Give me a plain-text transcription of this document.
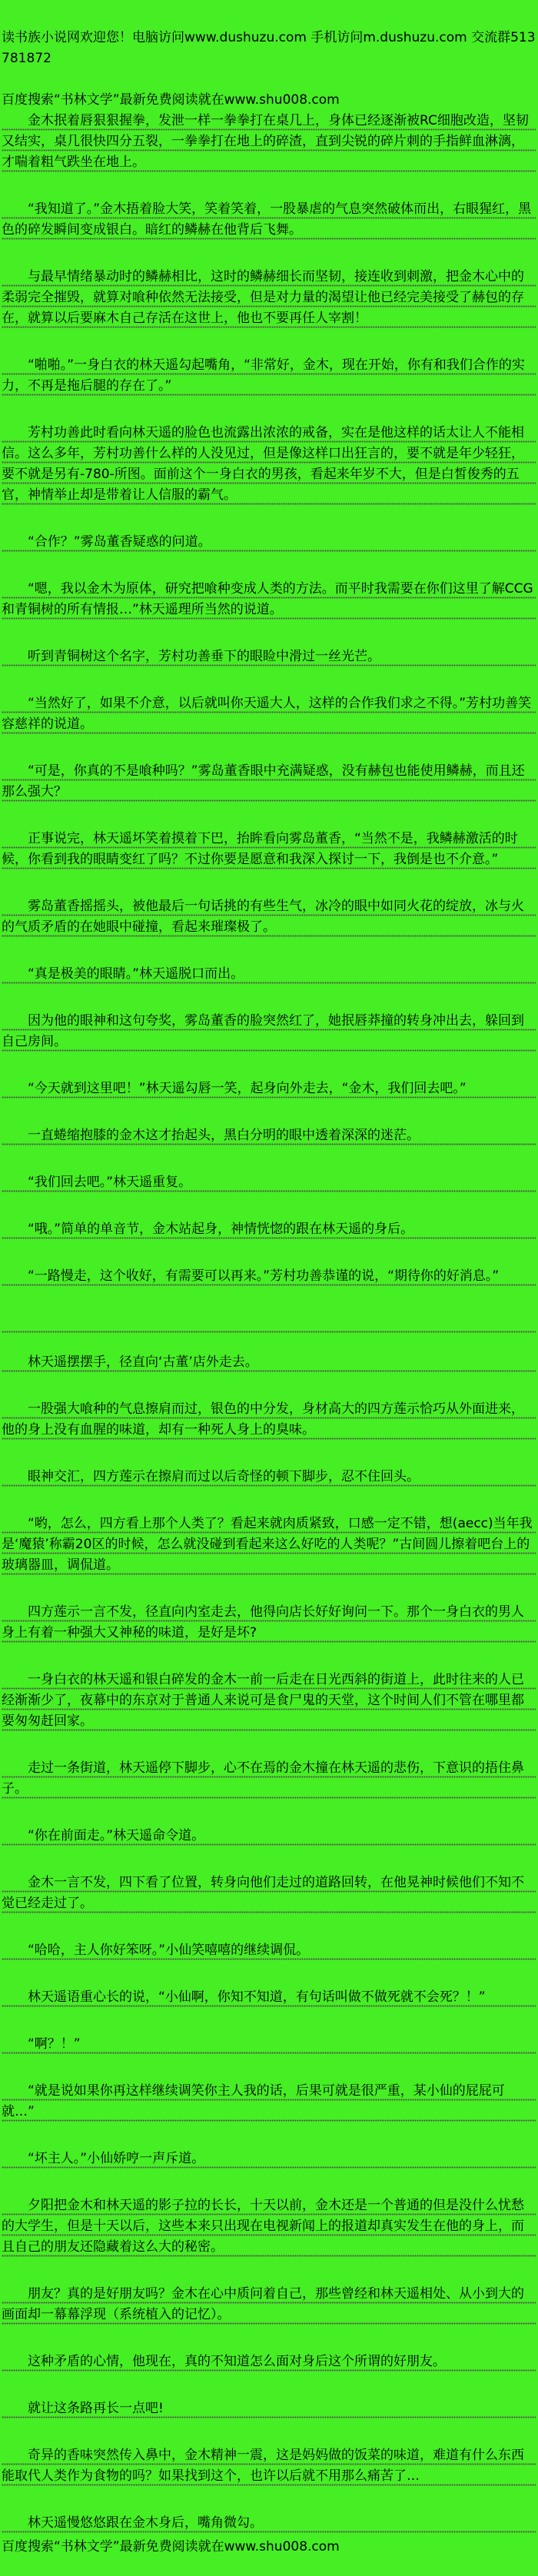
读书族小说网欢迎您！电脑访问www.dushuzu.com 手机访问m.dushuzu.com 交流群513781872
百度搜索“书林文学”最新免费阅读就在www.shu008.com

金木抿着唇狠狠握拳，发泄一样一拳拳打在桌几上，身体已经逐渐被RC细胞改造，坚韧又结实，桌几很快四分五裂，一拳拳打在地上的碎渣，直到尖锐的碎片刺的手指鲜血淋漓，才喘着粗气跌坐在地上。

“我知道了。”金木捂着脸大笑，笑着笑着，一股暴虐的气息突然破体而出，右眼猩红，黑色的碎发瞬间变成银白。暗红的鳞赫在他背后飞舞。

与最早情绪暴动时的鳞赫相比，这时的鳞赫细长而坚韧，接连收到刺激，把金木心中的柔弱完全摧毁，就算对喰种依然无法接受，但是对力量的渴望让他已经完美接受了赫包的存在，就算以后要麻木自己存活在这世上，他也不要再任人宰割！

“啪啪。”一身白衣的林天遥勾起嘴角，“非常好，金木，现在开始，你有和我们合作的实力，不再是拖后腿的存在了。”

芳村功善此时看向林天遥的脸色也流露出浓浓的戒备，实在是他这样的话太让人不能相信。这么多年，芳村功善什么样的人没见过，但是像这样口出狂言的，要不就是年少轻狂，要不就是另有-780-所图。面前这个一身白衣的男孩，看起来年岁不大，但是白皙俊秀的五官，神情举止却是带着让人信服的霸气。

“合作？”雾岛董香疑惑的问道。

“嗯，我以金木为原体，研究把喰种变成人类的方法。而平时我需要在你们这里了解CCG和青铜树的所有情报…”林天遥理所当然的说道。

听到青铜树这个名字，芳村功善垂下的眼睑中滑过一丝光芒。

“当然好了，如果不介意，以后就叫你天遥大人，这样的合作我们求之不得。”芳村功善笑容慈祥的说道。

“可是，你真的不是喰种吗？”雾岛董香眼中充满疑惑，没有赫包也能使用鳞赫，而且还那么强大？

正事说完，林天遥坏笑着摸着下巴，抬眸看向雾岛董香，“当然不是，我鳞赫激活的时候，你看到我的眼睛变红了吗？不过你要是愿意和我深入探讨一下，我倒是也不介意。”

雾岛董香摇摇头，被他最后一句话挑的有些生气，冰冷的眼中如同火花的绽放，冰与火的气质矛盾的在她眼中碰撞，看起来璀璨极了。

“真是极美的眼睛。”林天遥脱口而出。

因为他的眼神和这句夸奖，雾岛董香的脸突然红了，她抿唇莽撞的转身冲出去，躲回到自己房间。

“今天就到这里吧！”林天遥勾唇一笑，起身向外走去，“金木，我们回去吧。”

一直蜷缩抱膝的金木这才抬起头，黑白分明的眼中透着深深的迷茫。

“我们回去吧。”林天遥重复。

“哦。”简单的单音节，金木站起身，神情恍惚的跟在林天遥的身后。

“一路慢走，这个收好，有需要可以再来。”芳村功善恭谨的说，“期待你的好消息。”

林天遥摆摆手，径直向‘古董’店外走去。

一股强大喰种的气息擦肩而过，银色的中分发，身材高大的四方莲示恰巧从外面进来，他的身上没有血腥的味道，却有一种死人身上的臭味。

眼神交汇，四方莲示在擦肩而过以后奇怪的顿下脚步，忍不住回头。

“哟，怎么，四方看上那个人类了？看起来就肉质紧致，口感一定不错，想(aecc)当年我是‘魔猿’称霸20区的时候，怎么就没碰到看起来这么好吃的人类呢？”古间圆儿擦着吧台上的玻璃器皿，调侃道。

四方莲示一言不发，径直向内室走去，他得向店长好好询问一下。那个一身白衣的男人身上有着一种强大又神秘的味道，是好是坏?

一身白衣的林天遥和银白碎发的金木一前一后走在日光西斜的街道上，此时往来的人已经渐渐少了，夜幕中的东京对于普通人来说可是食尸鬼的天堂，这个时间人们不管在哪里都要匆匆赶回家。

走过一条街道，林天遥停下脚步，心不在焉的金木撞在林天遥的悲伤，下意识的捂住鼻子。

“你在前面走。”林天遥命令道。

金木一言不发，四下看了位置，转身向他们走过的道路回转，在他晃神时候他们不知不觉已经走过了。

“哈哈，主人你好笨呀。”小仙笑嘻嘻的继续调侃。

林天遥语重心长的说，“小仙啊，你知不知道，有句话叫做不做死就不会死？！”

“啊？！”

“就是说如果你再这样继续调笑你主人我的话，后果可就是很严重，某小仙的屁屁可就…”

“坏主人。”小仙娇哼一声斥道。

夕阳把金木和林天遥的影子拉的长长，十天以前，金木还是一个普通的但是没什么忧愁的大学生，但是十天以后，这些本来只出现在电视新闻上的报道却真实发生在他的身上，而且自己的朋友还隐藏着这么大的秘密。

朋友？真的是好朋友吗？金木在心中质问着自己，那些曾经和林天遥相处、从小到大的画面却一幕幕浮现（系统植入的记忆）。

这种矛盾的心情，他现在，真的不知道怎么面对身后这个所谓的好朋友。

就让这条路再长一点吧!

奇异的香味突然传入鼻中，金木精神一震，这是妈妈做的饭菜的味道，难道有什么东西能取代人类作为食物的吗？如果找到这个，也许以后就不用那么痛苦了…

林天遥慢悠悠跟在金木身后，嘴角微勾。

百度搜索“书林文学”最新免费阅读就在www.shu008.com
